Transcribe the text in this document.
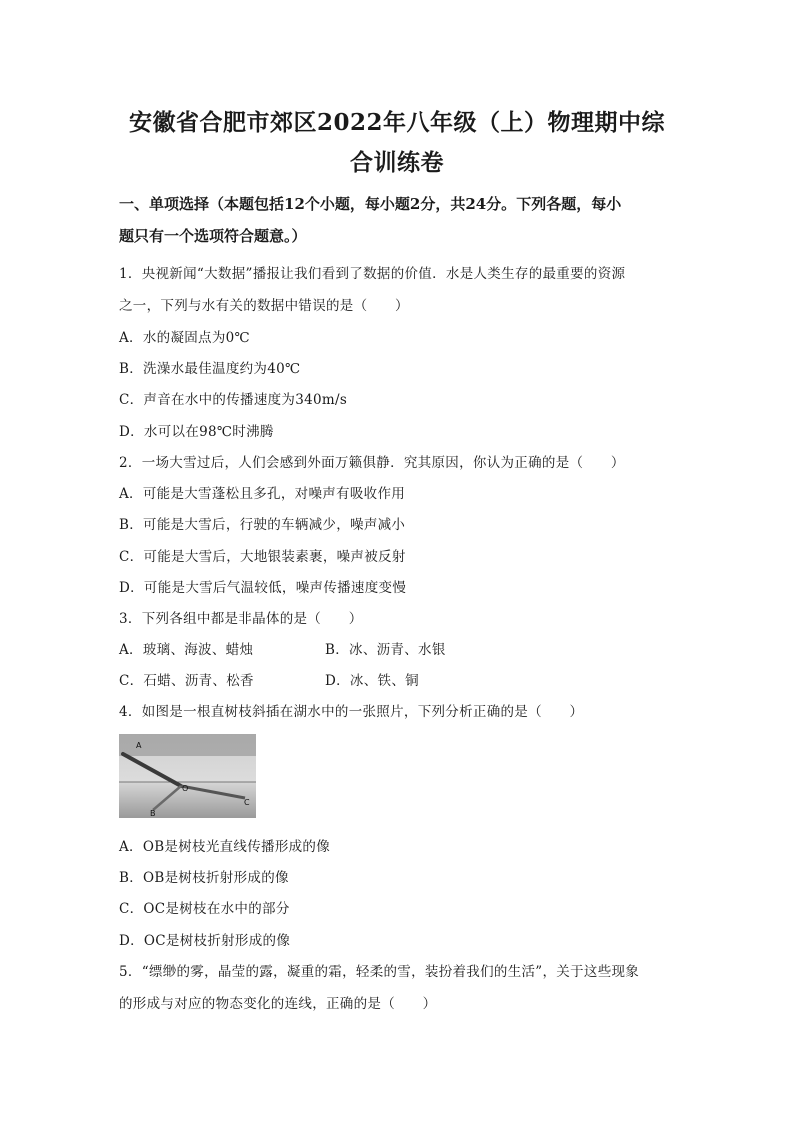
安徽省合肥市郊区2022年八年级（上）物理期中综
合训练卷
一、单项选择（本题包括12个小题，每小题2分，共24分。下列各题，每小
题只有一个选项符合题意。）
1．央视新闻“大数据”播报让我们看到了数据的价值．水是人类生存的最重要的资源
之一，下列与水有关的数据中错误的是（　　）
A．水的凝固点为0℃
B．洗澡水最佳温度约为40℃
C．声音在水中的传播速度为340m/s
D．水可以在98℃时沸腾
2．一场大雪过后，人们会感到外面万籁俱静．究其原因，你认为正确的是（　　）
A．可能是大雪蓬松且多孔，对噪声有吸收作用
B．可能是大雪后，行驶的车辆减少，噪声减小
C．可能是大雪后，大地银装素裹，噪声被反射
D．可能是大雪后气温较低，噪声传播速度变慢
3．下列各组中都是非晶体的是（　　）
A．玻璃、海波、蜡烛	B．冰、沥青、水银
C．石蜡、沥青、松香	D．冰、铁、铜
4．如图是一根直树枝斜插在湖水中的一张照片，下列分析正确的是（　　）
A
O
B
C
A．OB是树枝光直线传播形成的像
B．OB是树枝折射形成的像
C．OC是树枝在水中的部分
D．OC是树枝折射形成的像
5．“缥缈的雾，晶莹的露，凝重的霜，轻柔的雪，装扮着我们的生活”，关于这些现象
的形成与对应的物态变化的连线，正确的是（　　）
